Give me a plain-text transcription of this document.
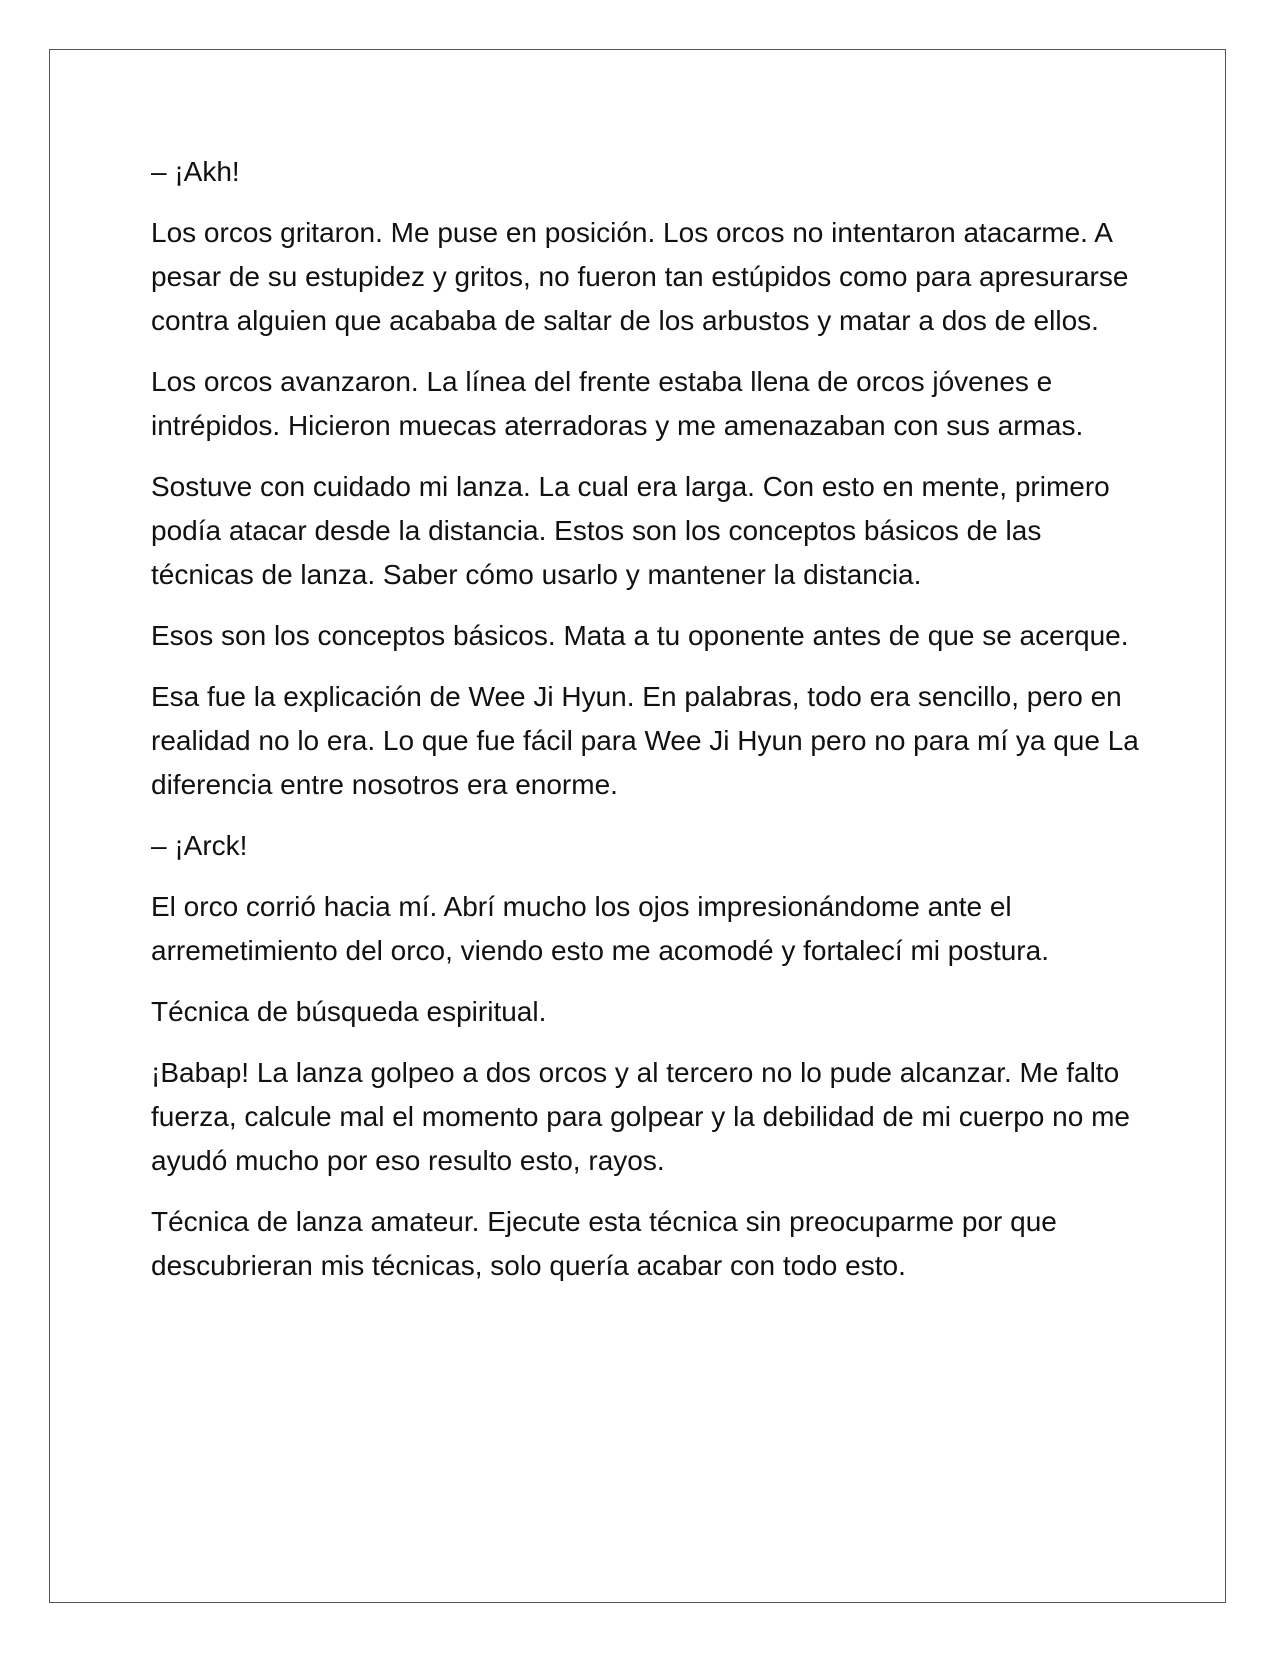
– ¡Akh!

Los orcos gritaron. Me puse en posición. Los orcos no intentaron atacarme. A pesar de su estupidez y gritos, no fueron tan estúpidos como para apresurarse contra alguien que acababa de saltar de los arbustos y matar a dos de ellos.

Los orcos avanzaron. La línea del frente estaba llena de orcos jóvenes e intrépidos. Hicieron muecas aterradoras y me amenazaban con sus armas.

Sostuve con cuidado mi lanza. La cual era larga. Con esto en mente, primero podía atacar desde la distancia. Estos son los conceptos básicos de las técnicas de lanza. Saber cómo usarlo y mantener la distancia.

Esos son los conceptos básicos. Mata a tu oponente antes de que se acerque.

Esa fue la explicación de Wee Ji Hyun. En palabras, todo era sencillo, pero en realidad no lo era. Lo que fue fácil para Wee Ji Hyun pero no para mí ya que La diferencia entre nosotros era enorme.

– ¡Arck!

El orco corrió hacia mí. Abrí mucho los ojos impresionándome ante el arremetimiento del orco, viendo esto me acomodé y fortalecí mi postura.

Técnica de búsqueda espiritual.

¡Babap! La lanza golpeo a dos orcos y al tercero no lo pude alcanzar. Me falto fuerza, calcule mal el momento para golpear y la debilidad de mi cuerpo no me ayudó mucho por eso resulto esto, rayos.

Técnica de lanza amateur. Ejecute esta técnica sin preocuparme por que descubrieran mis técnicas, solo quería acabar con todo esto.
